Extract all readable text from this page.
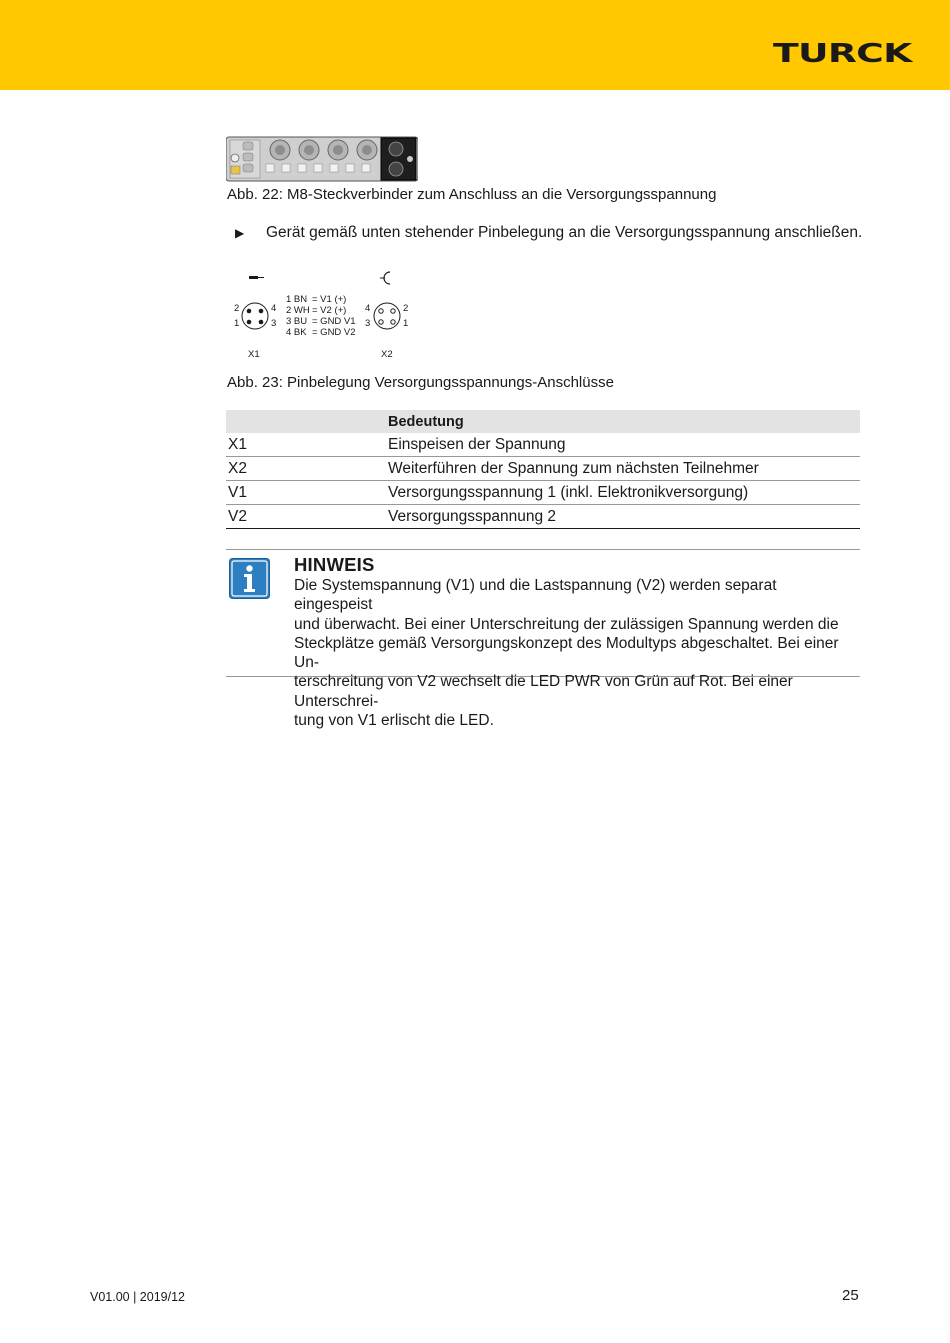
TURCK
Abb. 22: M8-Steckverbinder zum Anschluss an die Versorgungsspannung
▶ Gerät gemäß unten stehender Pinbelegung an die Versorgungsspannung anschließen.
2	4
1	3
X1
1 BN
2 WH
3 BU
4 BK
= V1 (+)
= V2 (+)
= GND V1
= GND V2
4	2
3	1
X2
Abb. 23: Pinbelegung Versorgungsspannungs-Anschlüsse
	Bedeutung
X1	Einspeisen der Spannung
X2	Weiterführen der Spannung zum nächsten Teilnehmer
V1	Versorgungsspannung 1 (inkl. Elektronikversorgung)
V2	Versorgungsspannung 2
HINWEIS
Die Systemspannung (V1) und die Lastspannung (V2) werden separat eingespeist
und überwacht. Bei einer Unterschreitung der zulässigen Spannung werden die
Steckplätze gemäß Versorgungskonzept des Modultyps abgeschaltet. Bei einer Un-
terschreitung von V2 wechselt die LED PWR von Grün auf Rot. Bei einer Unterschrei-
tung von V1 erlischt die LED.
V01.00 | 2019/12	25
